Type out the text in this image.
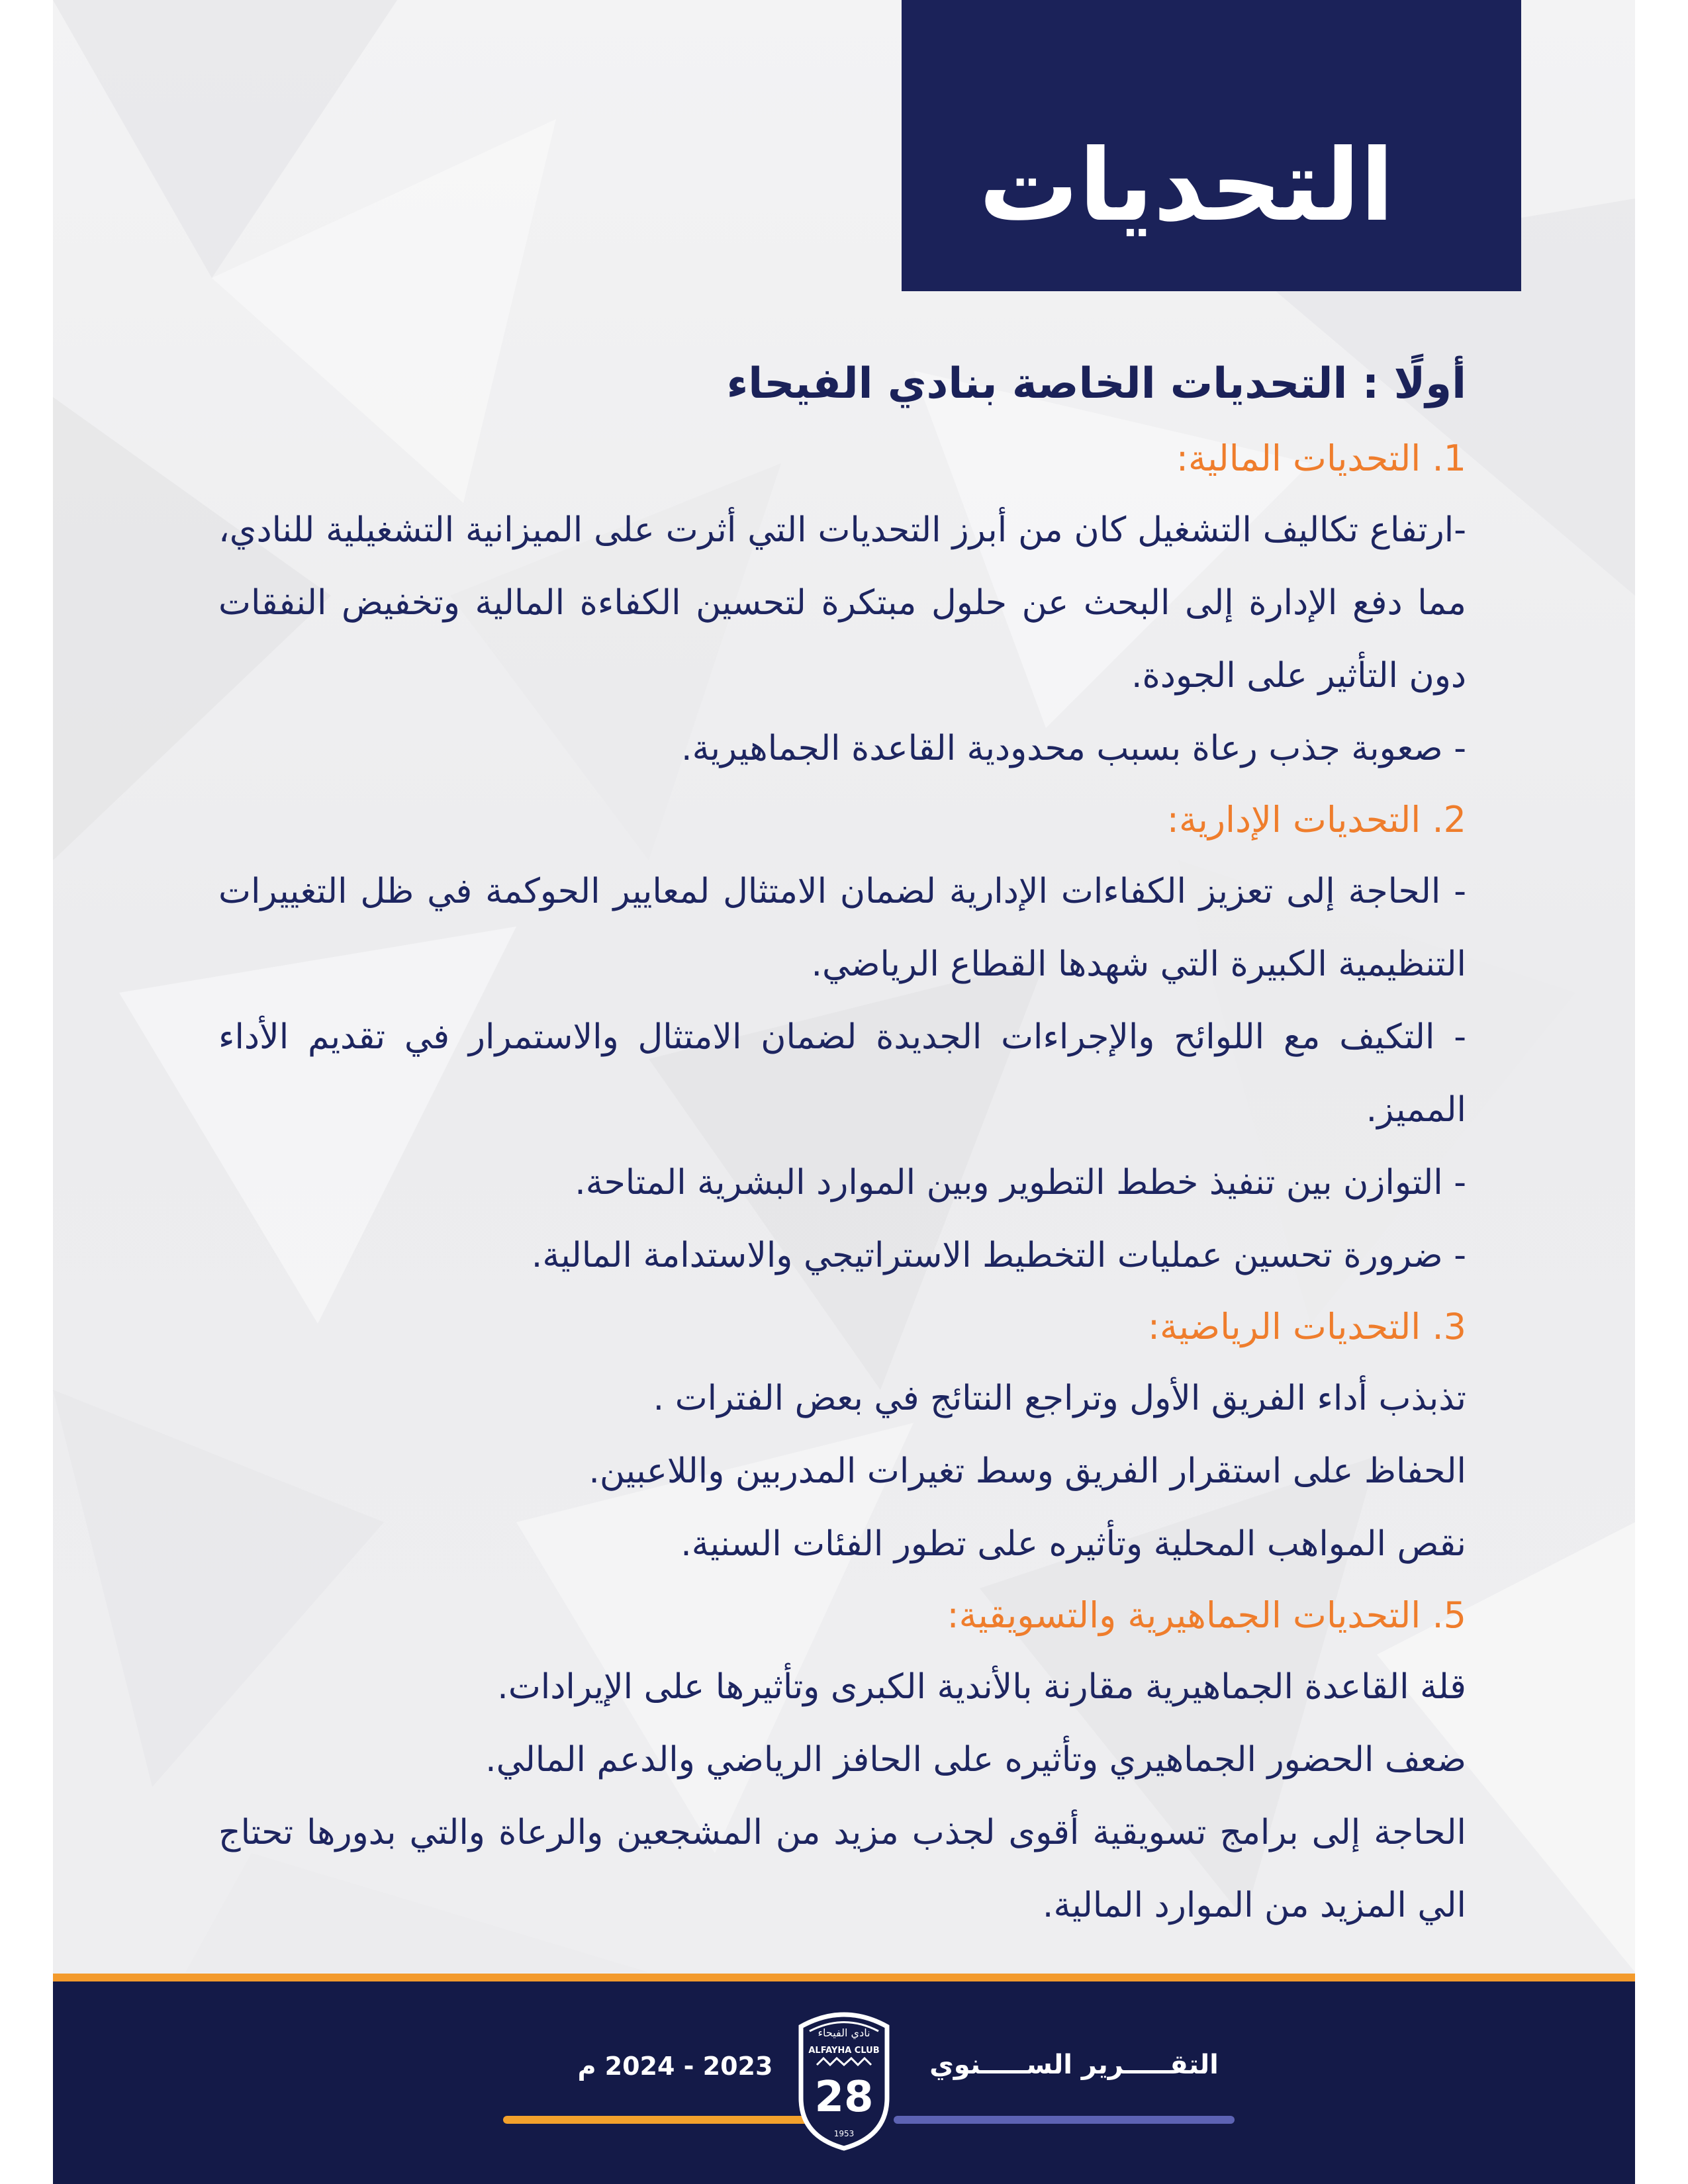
التحديات

أولًا : التحديات الخاصة بنادي الفيحاء

1. التحديات المالية:

-ارتفاع تكاليف التشغيل كان من أبرز التحديات التي أثرت على الميزانية التشغيلية للنادي، مما دفع الإدارة إلى البحث عن حلول مبتكرة لتحسين الكفاءة المالية وتخفيض النفقات دون التأثير على الجودة.

- صعوبة جذب رعاة بسبب محدودية القاعدة الجماهيرية.

2. التحديات الإدارية:

- الحاجة إلى تعزيز الكفاءات الإدارية لضمان الامتثال لمعايير الحوكمة في ظل التغييرات التنظيمية الكبيرة التي شهدها القطاع الرياضي.

- التكيف مع اللوائح والإجراءات الجديدة لضمان الامتثال والاستمرار في تقديم الأداء المميز.

- التوازن بين تنفيذ خطط التطوير وبين الموارد البشرية المتاحة.

- ضرورة تحسين عمليات التخطيط الاستراتيجي والاستدامة المالية.

3. التحديات الرياضية:

تذبذب أداء الفريق الأول وتراجع النتائج في بعض الفترات .

الحفاظ على استقرار الفريق وسط تغيرات المدربين واللاعبين.

نقص المواهب المحلية وتأثيره على تطور الفئات السنية.

5. التحديات الجماهيرية والتسويقية:

قلة القاعدة الجماهيرية مقارنة بالأندية الكبرى وتأثيرها على الإيرادات.

ضعف الحضور الجماهيري وتأثيره على الحافز الرياضي والدعم المالي.

الحاجة إلى برامج تسويقية أقوى لجذب مزيد من المشجعين والرعاة والتي بدورها تحتاج الي المزيد من الموارد المالية.

التقـــــرير الســـــنوي
2023 - 2024 م
نادي الفيحاء
ALFAYHA CLUB
28
1953
